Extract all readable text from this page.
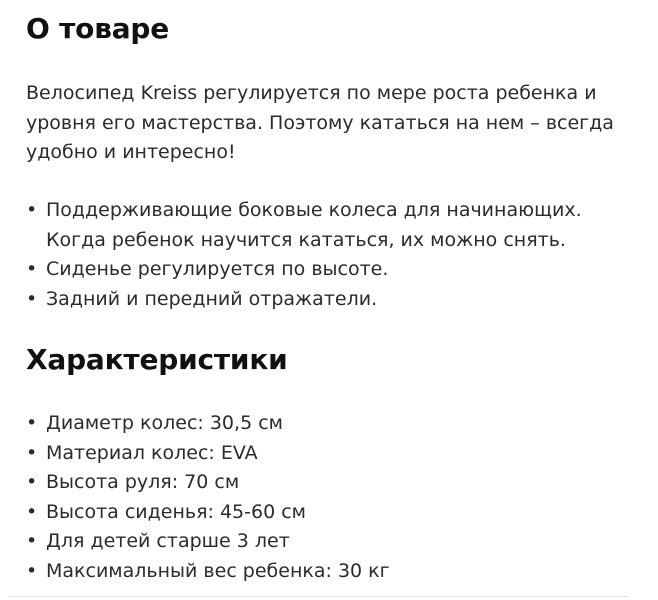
О товаре

Велосипед Kreiss регулируется по мере роста ребенка и уровня его мастерства. Поэтому кататься на нем – всегда удобно и интересно!

• Поддерживающие боковые колеса для начинающих. Когда ребенок научится кататься, их можно снять.
• Сиденье регулируется по высоте.
• Задний и передний отражатели.
Характеристики
• Диаметр колес: 30,5 см
• Материал колес: EVA
• Высота руля: 70 см
• Высота сиденья: 45-60 см
• Для детей старше 3 лет
• Максимальный вес ребенка: 30 кг
